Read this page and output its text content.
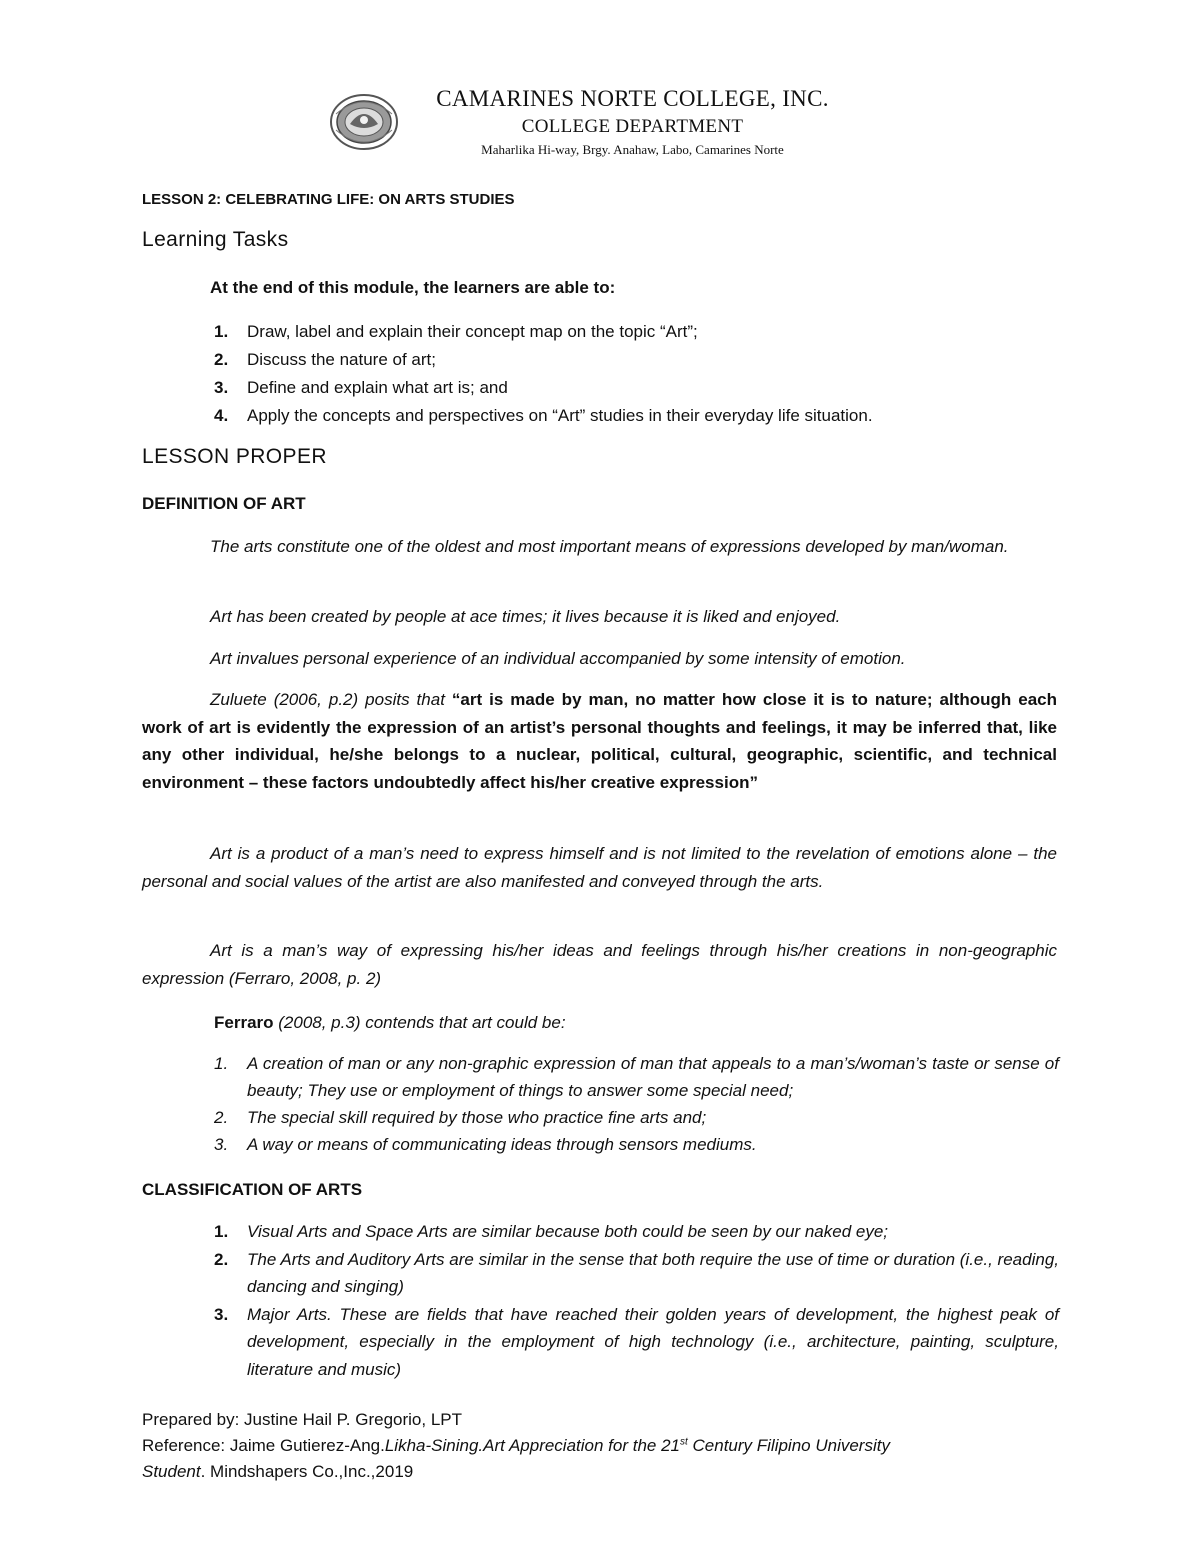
CAMARINES NORTE COLLEGE, INC.
COLLEGE DEPARTMENT
Maharlika Hi-way, Brgy. Anahaw, Labo, Camarines Norte
LESSON 2: CELEBRATING LIFE: ON ARTS STUDIES
Learning Tasks
At the end of this module, the learners are able to:
1. Draw, label and explain their concept map on the topic “Art”;
2. Discuss the nature of art;
3. Define and explain what art is; and
4. Apply the concepts and perspectives on “Art” studies in their everyday life situation.
LESSON PROPER
DEFINITION OF ART
The arts constitute one of the oldest and most important means of expressions developed by man/woman.
Art has been created by people at ace times; it lives because it is liked and enjoyed.
Art invalues personal experience of an individual accompanied by some intensity of emotion.
Zuluete (2006, p.2) posits that “art is made by man, no matter how close it is to nature; although each work of art is evidently the expression of an artist’s personal thoughts and feelings, it may be inferred that, like any other individual, he/she belongs to a nuclear, political, cultural, geographic, scientific, and technical environment – these factors undoubtedly affect his/her creative expression”
Art is a product of a man’s need to express himself and is not limited to the revelation of emotions alone – the personal and social values of the artist are also manifested and conveyed through the arts.
Art is a man’s way of expressing his/her ideas and feelings through his/her creations in non-geographic expression (Ferraro, 2008, p. 2)
Ferraro (2008, p.3) contends that art could be:
1. A creation of man or any non-graphic expression of man that appeals to a man’s/woman’s taste or sense of beauty; They use or employment of things to answer some special need;
2. The special skill required by those who practice fine arts and;
3. A way or means of communicating ideas through sensors mediums.
CLASSIFICATION OF ARTS
1. Visual Arts and Space Arts are similar because both could be seen by our naked eye;
2. The Arts and Auditory Arts are similar in the sense that both require the use of time or duration (i.e., reading, dancing and singing)
3. Major Arts. These are fields that have reached their golden years of development, the highest peak of development, especially in the employment of high technology (i.e., architecture, painting, sculpture, literature and music)
Prepared by: Justine Hail P. Gregorio, LPT
Reference: Jaime Gutierez-Ang.Likha-Sining.Art Appreciation for the 21st Century Filipino University
Student. Mindshapers Co.,Inc.,2019
